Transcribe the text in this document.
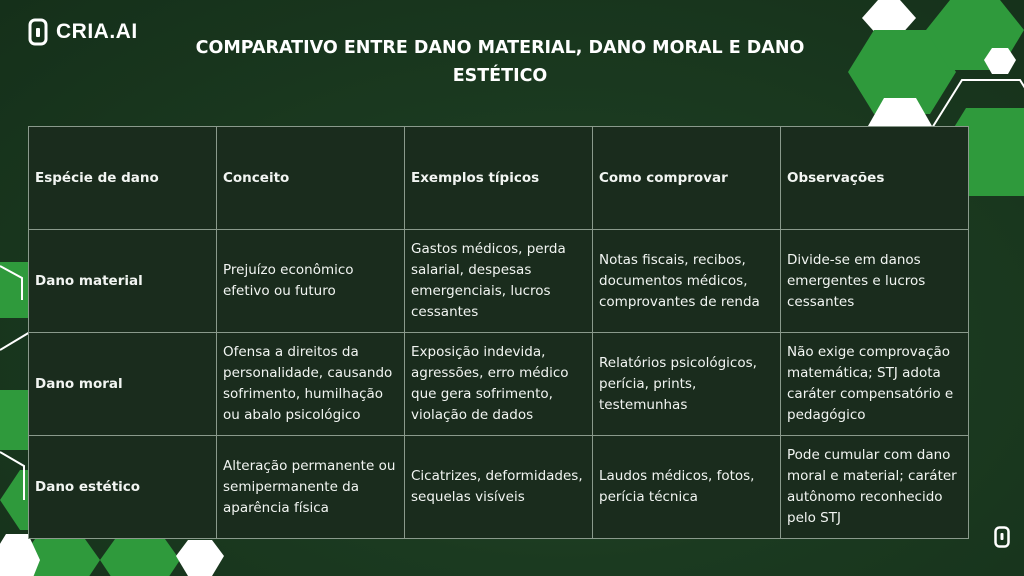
CRIA.AI
COMPARATIVO ENTRE DANO MATERIAL, DANO MORAL E DANO ESTÉTICO
Espécie de dano	Conceito	Exemplos típicos	Como comprovar	Observações
Dano material	Prejuízo econômico efetivo ou futuro	Gastos médicos, perda salarial, despesas emergenciais, lucros cessantes	Notas fiscais, recibos, documentos médicos, comprovantes de renda	Divide-se em danos emergentes e lucros cessantes
Dano moral	Ofensa a direitos da personalidade, causando sofrimento, humilhação ou abalo psicológico	Exposição indevida, agressões, erro médico que gera sofrimento, violação de dados	Relatórios psicológicos, perícia, prints, testemunhas	Não exige comprovação matemática; STJ adota caráter compensatório e pedagógico
Dano estético	Alteração permanente ou semipermanente da aparência física	Cicatrizes, deformidades, sequelas visíveis	Laudos médicos, fotos, perícia técnica	Pode cumular com dano moral e material; caráter autônomo reconhecido pelo STJ
